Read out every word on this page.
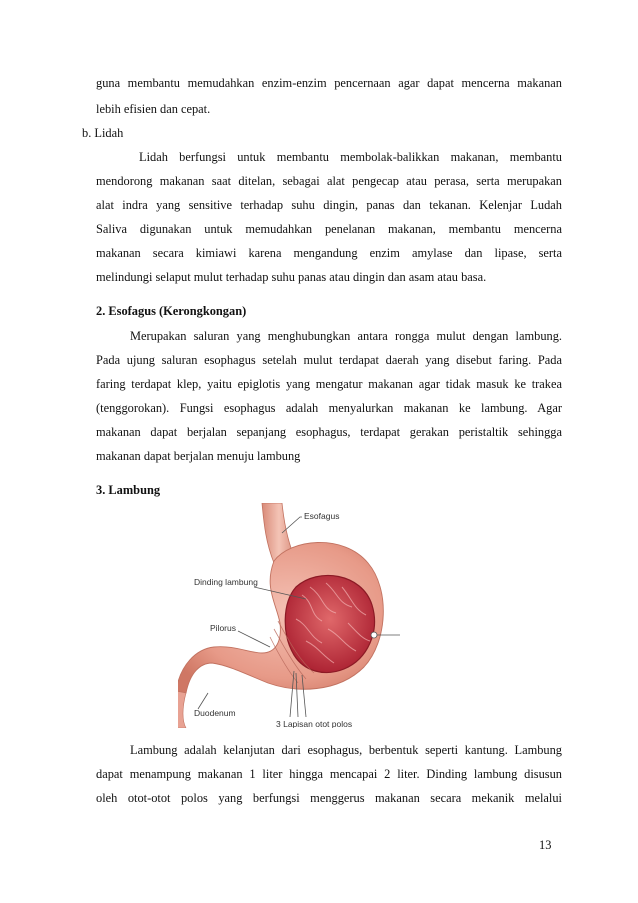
guna membantu memudahkan enzim-enzim pencernaan agar dapat mencerna makanan
lebih efisien dan cepat.
b. Lidah
Lidah berfungsi untuk membantu membolak-balikkan makanan, membantu
mendorong makanan saat ditelan, sebagai alat pengecap atau perasa, serta merupakan
alat indra yang sensitive terhadap suhu dingin, panas dan tekanan. Kelenjar Ludah
Saliva digunakan untuk memudahkan penelanan makanan, membantu mencerna
makanan secara kimiawi karena mengandung enzim amylase dan lipase, serta
melindungi selaput mulut terhadap suhu panas atau dingin dan asam atau basa.
2. Esofagus (Kerongkongan)
Merupakan saluran yang menghubungkan antara rongga mulut dengan lambung.
Pada ujung saluran esophagus setelah mulut terdapat daerah yang disebut faring. Pada
faring terdapat klep, yaitu epiglotis yang mengatur makanan agar tidak masuk ke trakea
(tenggorokan). Fungsi esophagus adalah menyalurkan makanan ke lambung. Agar
makanan dapat berjalan sepanjang esophagus, terdapat gerakan peristaltik sehingga
makanan dapat berjalan menuju lambung
3. Lambung
Esofagus
Dinding lambung
Pilorus
Duodenum
3 Lapisan otot polos
Lambung adalah kelanjutan dari esophagus, berbentuk seperti kantung. Lambung
dapat menampung makanan 1 liter hingga mencapai 2 liter. Dinding lambung disusun
oleh otot-otot polos yang berfungsi menggerus makanan secara mekanik melalui
13
